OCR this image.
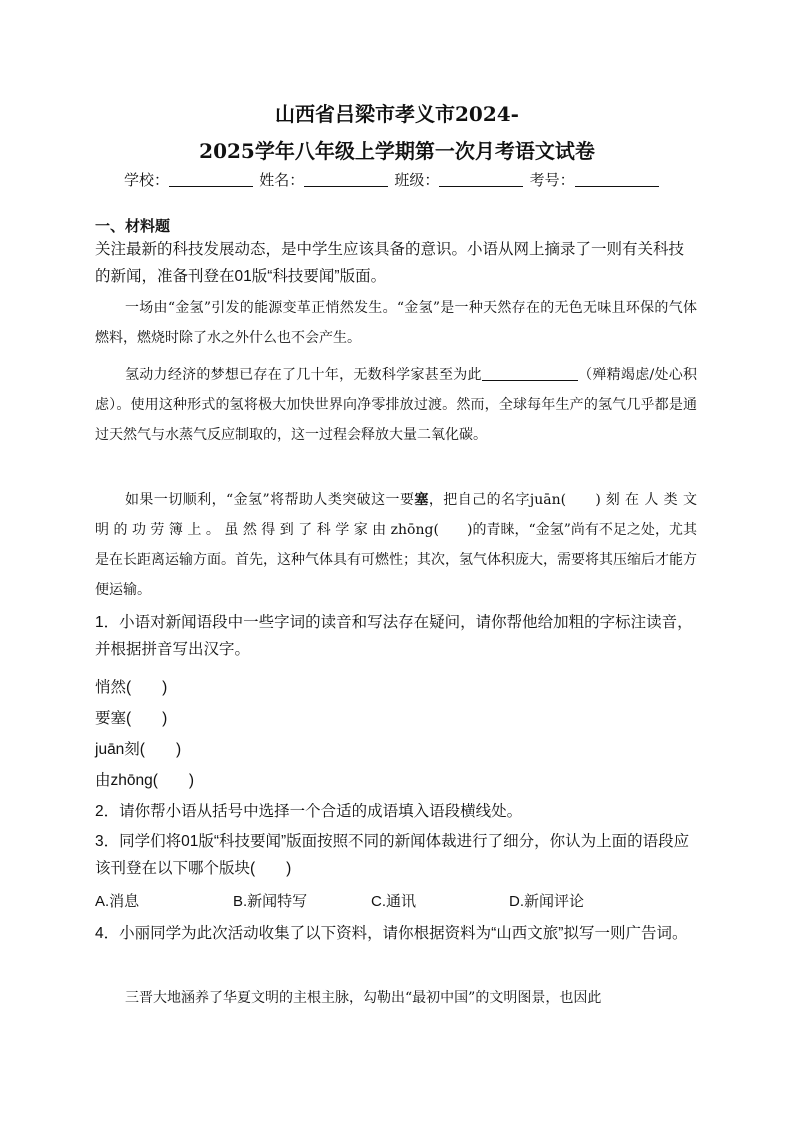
山西省吕梁市孝义市2024-
2025学年八年级上学期第一次月考语文试卷
学校：	姓名：	班级：	考号：
一、材料题
关注最新的科技发展动态，是中学生应该具备的意识。小语从网上摘录了一则有关科技的新闻，准备刊登在01版“科技要闻”版面。
一场由“金氢”引发的能源变革正悄然发生。“金氢”是一种天然存在的无色无味且环保的气体燃料，燃烧时除了水之外什么也不会产生。
氢动力经济的梦想已存在了几十年，无数科学家甚至为此	（殚精竭虑/处心积虑）。使用这种形式的氢将极大加快世界向净零排放过渡。然而，全球每年生产的氢气几乎都是通过天然气与水蒸气反应制取的，这一过程会释放大量二氧化碳。
如果一切顺利，“金氢”将帮助人类突破这一要塞，把自己的名字juān(　　) 刻 在 人 类 文 明 的 功 劳 簿 上 。 虽 然 得 到 了 科 学 家 由 zhōng(　　)的青睐，“金氢”尚有不足之处，尤其是在长距离运输方面。首先，这种气体具有可燃性；其次，氢气体积庞大，需要将其压缩后才能方便运输。
1．小语对新闻语段中一些字词的读音和写法存在疑问，请你帮他给加粗的字标注读音，并根据拼音写出汉字。
悄然(　　)
要塞(　　)
juān刻(　　)
由zhōng(　　)
2．请你帮小语从括号中选择一个合适的成语填入语段横线处。
3．同学们将01版“科技要闻”版面按照不同的新闻体裁进行了细分，你认为上面的语段应该刊登在以下哪个版块(　　)
A.消息	B.新闻特写	C.通讯	D.新闻评论
4．小丽同学为此次活动收集了以下资料，请你根据资料为“山西文旅”拟写一则广告词。
三晋大地涵养了华夏文明的主根主脉，勾勒出“最初中国”的文明图景，也因此
